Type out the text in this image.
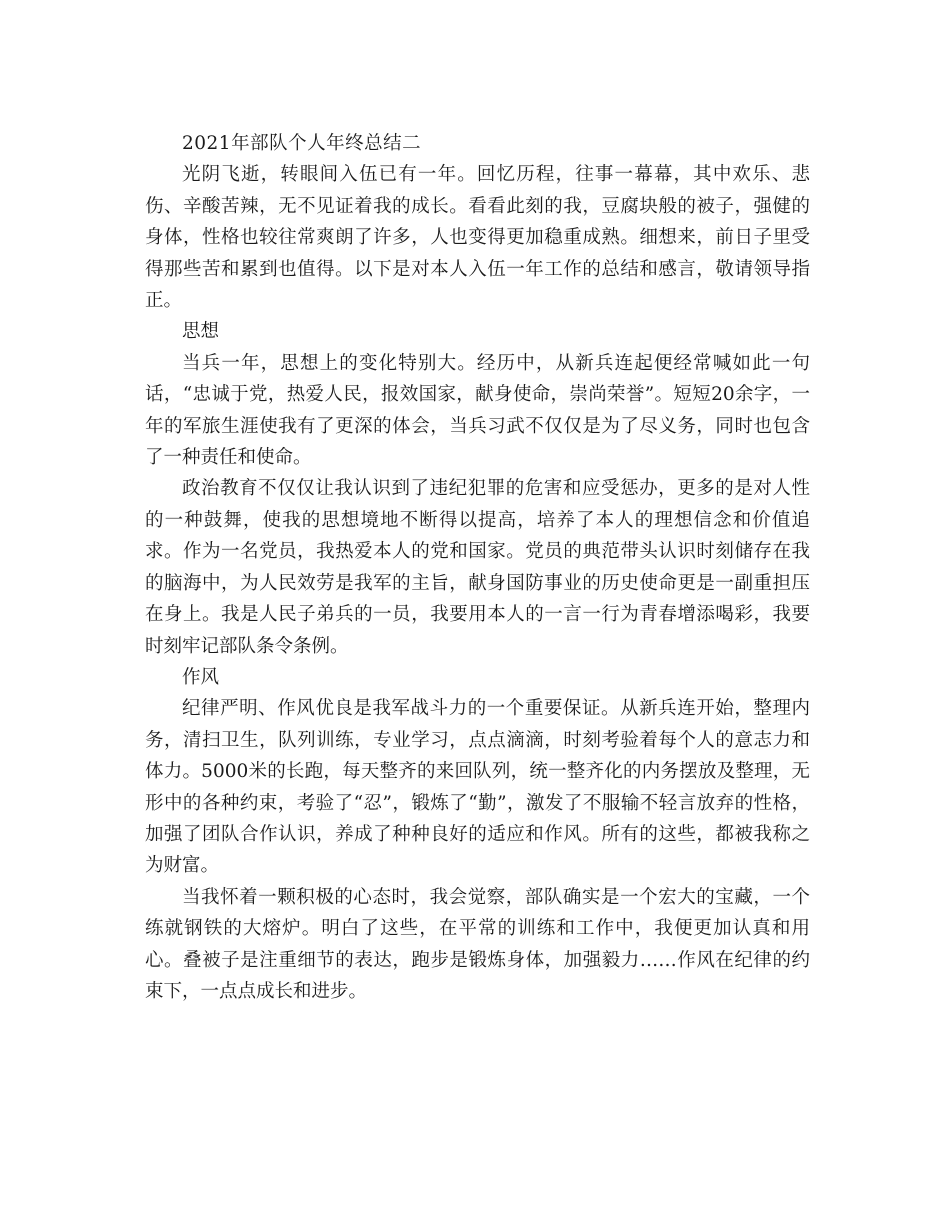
2021年部队个人年终总结二

光阴飞逝，转眼间入伍已有一年。回忆历程，往事一幕幕，其中欢乐、悲伤、辛酸苦辣，无不见证着我的成长。看看此刻的我，豆腐块般的被子，强健的身体，性格也较往常爽朗了许多，人也变得更加稳重成熟。细想来，前日子里受得那些苦和累到也值得。以下是对本人入伍一年工作的总结和感言，敬请领导指正。

思想

当兵一年，思想上的变化特别大。经历中，从新兵连起便经常喊如此一句话，“忠诚于党，热爱人民，报效国家，献身使命，崇尚荣誉”。短短20余字，一年的军旅生涯使我有了更深的体会，当兵习武不仅仅是为了尽义务，同时也包含了一种责任和使命。

政治教育不仅仅让我认识到了违纪犯罪的危害和应受惩办，更多的是对人性的一种鼓舞，使我的思想境地不断得以提高，培养了本人的理想信念和价值追求。作为一名党员，我热爱本人的党和国家。党员的典范带头认识时刻储存在我的脑海中，为人民效劳是我军的主旨，献身国防事业的历史使命更是一副重担压在身上。我是人民子弟兵的一员，我要用本人的一言一行为青春增添喝彩，我要时刻牢记部队条令条例。

作风

纪律严明、作风优良是我军战斗力的一个重要保证。从新兵连开始，整理内务，清扫卫生，队列训练，专业学习，点点滴滴，时刻考验着每个人的意志力和体力。5000米的长跑，每天整齐的来回队列，统一整齐化的内务摆放及整理，无形中的各种约束，考验了“忍”，锻炼了“勤”，激发了不服输不轻言放弃的性格，加强了团队合作认识，养成了种种良好的适应和作风。所有的这些，都被我称之为财富。

当我怀着一颗积极的心态时，我会觉察，部队确实是一个宏大的宝藏，一个练就钢铁的大熔炉。明白了这些，在平常的训练和工作中，我便更加认真和用心。叠被子是注重细节的表达，跑步是锻炼身体，加强毅力……作风在纪律的约束下，一点点成长和进步。
